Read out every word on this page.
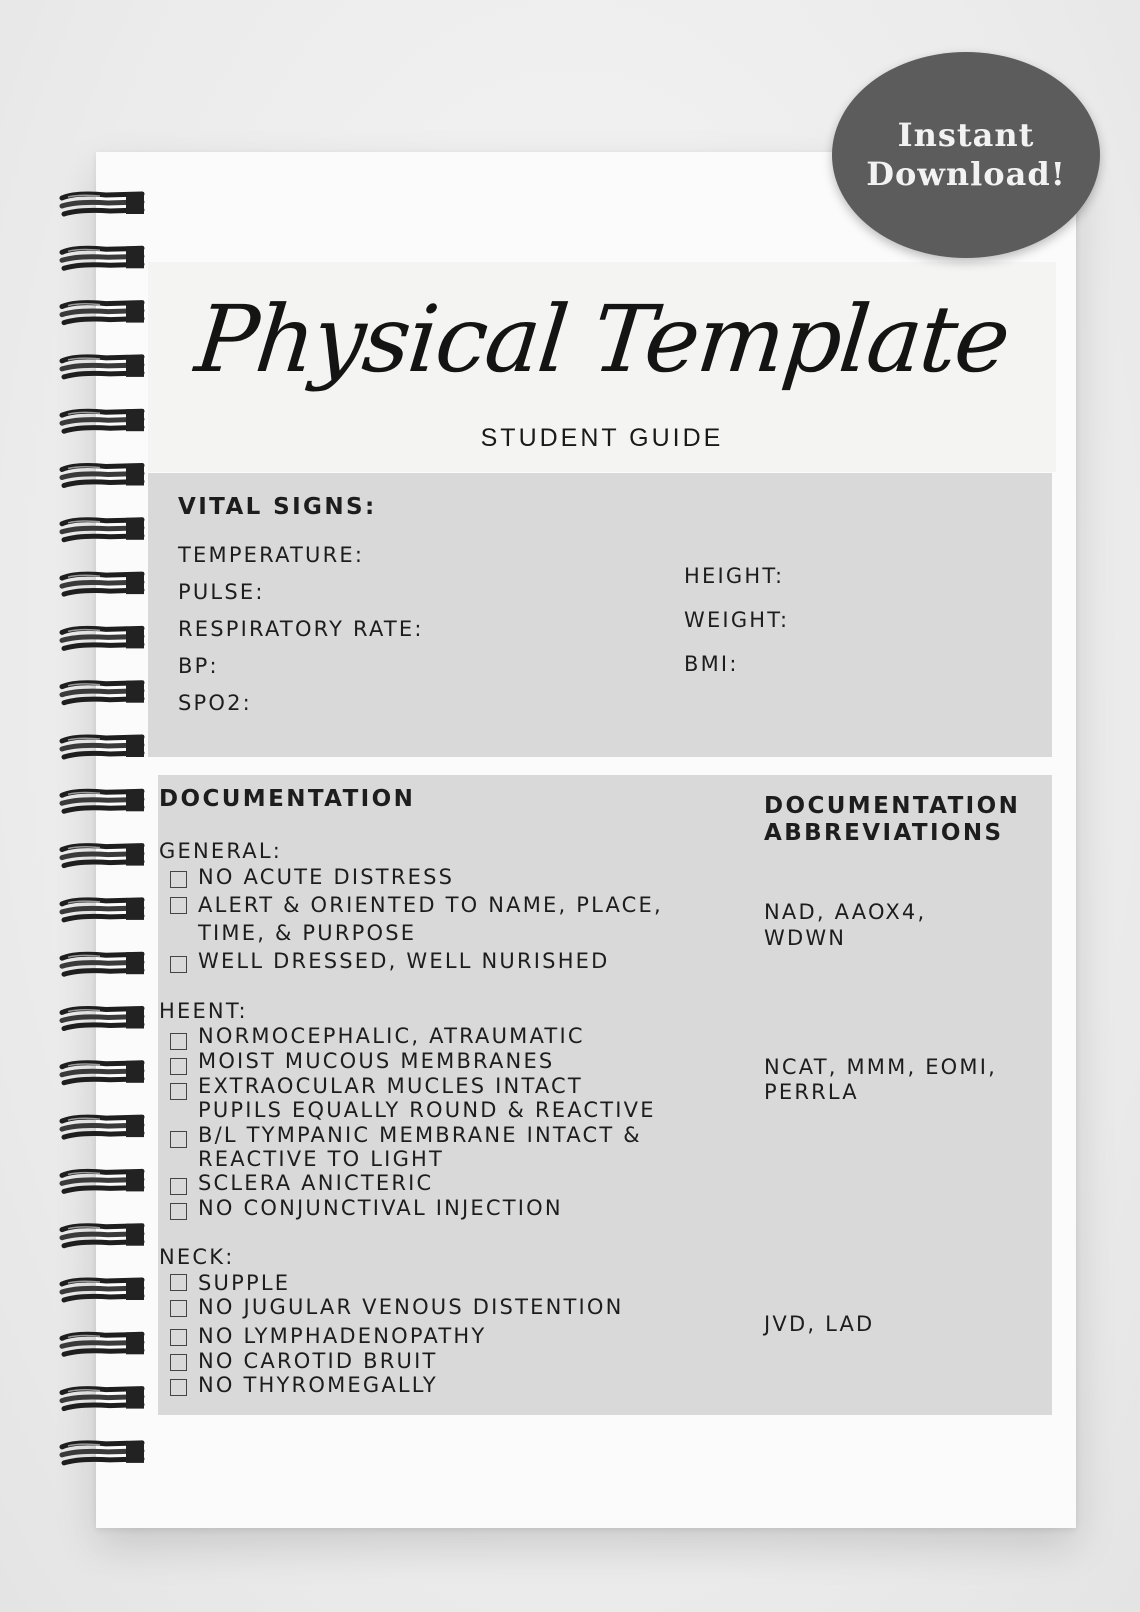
Physical Template
STUDENT GUIDE
VITAL SIGNS:
TEMPERATURE:
PULSE:
RESPIRATORY RATE:
BP:
SPO2:
HEIGHT:
WEIGHT:
BMI:
DOCUMENTATION	DOCUMENTATION
ABBREVIATIONS
GENERAL:
NO ACUTE DISTRESS
ALERT & ORIENTED TO NAME, PLACE,
TIME, & PURPOSE
WELL DRESSED, WELL NURISHED
NAD, AAOX4,
WDWN
HEENT:
NORMOCEPHALIC, ATRAUMATIC
MOIST MUCOUS MEMBRANES
EXTRAOCULAR MUCLES INTACT
PUPILS EQUALLY ROUND & REACTIVE
B/L TYMPANIC MEMBRANE INTACT &
REACTIVE TO LIGHT
SCLERA ANICTERIC
NO CONJUNCTIVAL INJECTION
NCAT, MMM, EOMI,
PERRLA
NECK:
SUPPLE
NO JUGULAR VENOUS DISTENTION
NO LYMPHADENOPATHY
NO CAROTID BRUIT
NO THYROMEGALLY
JVD, LAD
Instant
Download!
